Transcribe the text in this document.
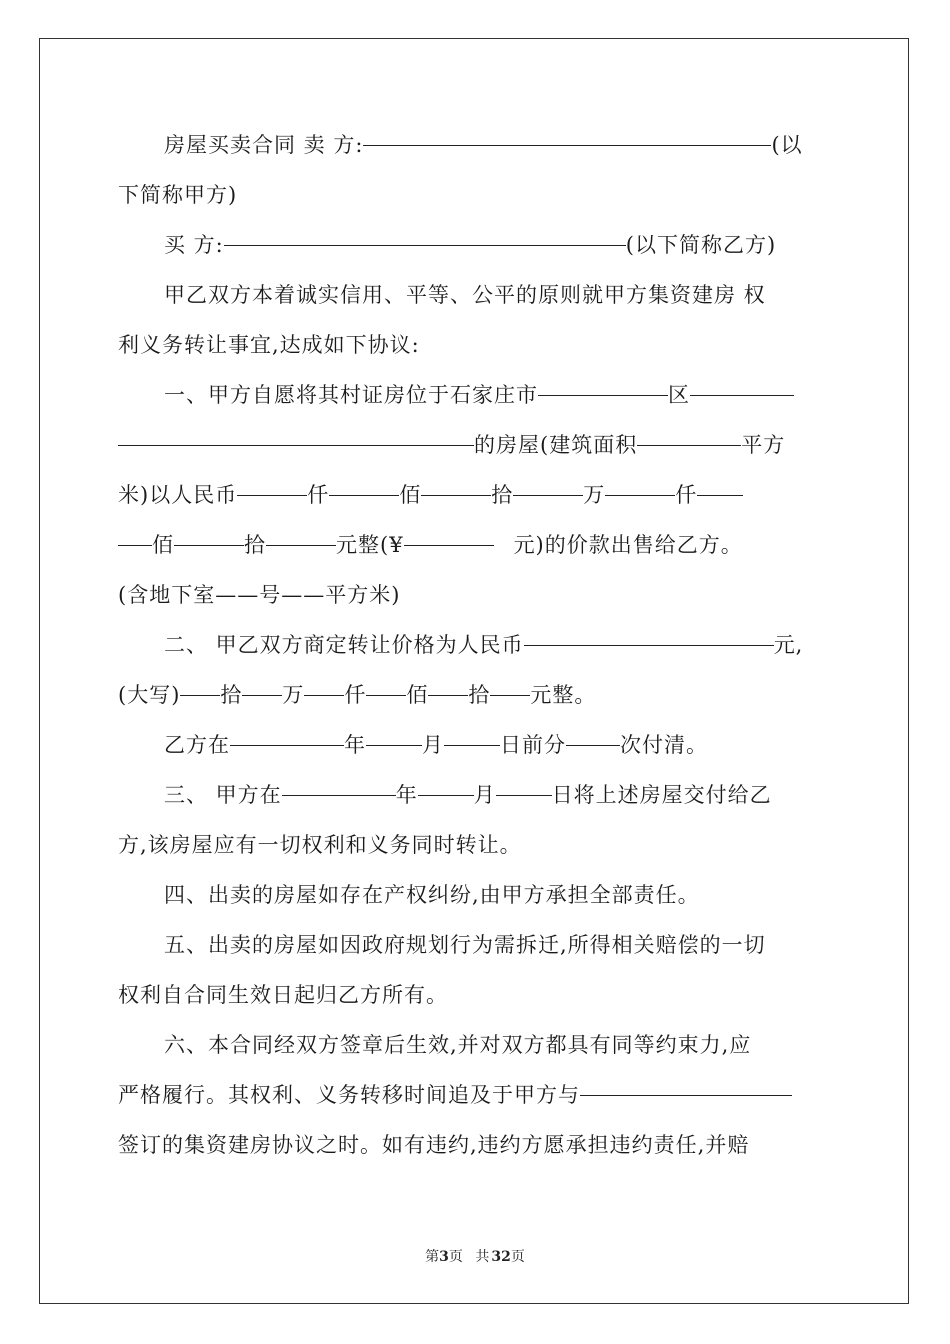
房屋买卖合同 卖 方:	(以
下简称甲方)
买 方:	(以下简称乙方)
甲乙双方本着诚实信用、平等、公平的原则就甲方集资建房 权
利义务转让事宜,达成如下协议:
一、甲方自愿将其村证房位于石家庄市	区
的房屋(建筑面积	平方
米)以人民币	仟	佰	拾	万	仟
佰	拾	元整(¥	元)的价款出售给乙方。
(含地下室——号——平方米)
二、 甲乙双方商定转让价格为人民币	元,
(大写) 拾 万 仟 佰 拾 元整。
乙方在	年	月	日前分	次付清。
三、 甲方在	年	月	日将上述房屋交付给乙
方,该房屋应有一切权利和义务同时转让。
四、出卖的房屋如存在产权纠纷,由甲方承担全部责任。
五、出卖的房屋如因政府规划行为需拆迁,所得相关赔偿的一切
权利自合同生效日起归乙方所有。
六、本合同经双方签章后生效,并对双方都具有同等约束力,应
严格履行。其权利、义务转移时间追及于甲方与
签订的集资建房协议之时。如有违约,违约方愿承担违约责任,并赔
第3页 共 32页
